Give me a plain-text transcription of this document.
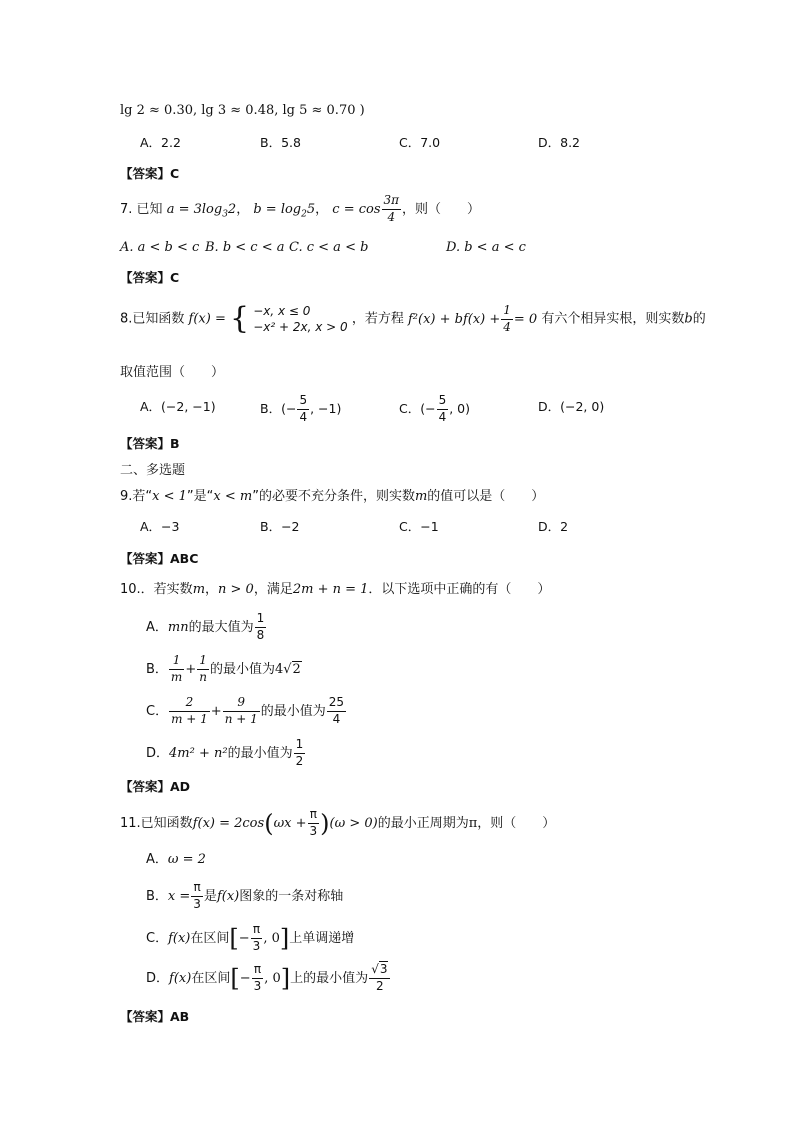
lg 2 ≈ 0.30, lg 3 ≈ 0.48, lg 5 ≈ 0.70 )
A．2.2	B．5.8	C．7.0	D．8.2
【答案】C
7. 已知 $a = 3\log_32$， $b = \log_25$， $c = \cos \frac{3\pi}{4}$ ，则（　　）
A. a < b < c B. b < c < a C. c < a < b	D. b < a < c
【答案】C
8.已知函数 f(x) = { −x, x ≤ 0
−x² + 2x, x > 0 ，若方程 $f^2(x) + bf(x) + \frac{1}{4} = 0$ 有六个相异实根，则实数b的
取值范围（　　）
A．(−2, −1)	B．(− $\frac{5}{4}$ , −1)	C．(− $\frac{5}{4}$ , 0)	D．(−2, 0)
【答案】B
二、多选题
9.若“x < 1”是“x < m”的必要不充分条件，则实数m的值可以是（　　）
A．−3	B．−2	C．−1	D．2
【答案】ABC
10.．若实数m，n > 0，满足2m + n = 1．以下选项中正确的有（　　）
A．mn的最大值为 $\frac{1}{8}$
B． $\frac{1}{m} + \frac{1}{n}$ 的最小值为4√2
C． $\frac{2}{m + 1} + \frac{9}{n + 1}$ 的最小值为 $\frac{25}{4}$
D．4m² + n²的最小值为 $\frac{1}{2}$
【答案】AD
11.已知函数$f(x) = 2\cos(\omega x + \frac{\pi}{3} )(\omega > 0)$的最小正周期为π，则（　　）
A．ω = 2
B．$x = \frac{\pi}{3}$ 是f(x)图象的一条对称轴
C．f(x)在区间[− $\frac{\pi}{3}$ , 0]上单调递增
D．f(x)在区间[− $\frac{\pi}{3}$ , 0]上的最小值为 $\frac{√3}{2}$
【答案】AB
